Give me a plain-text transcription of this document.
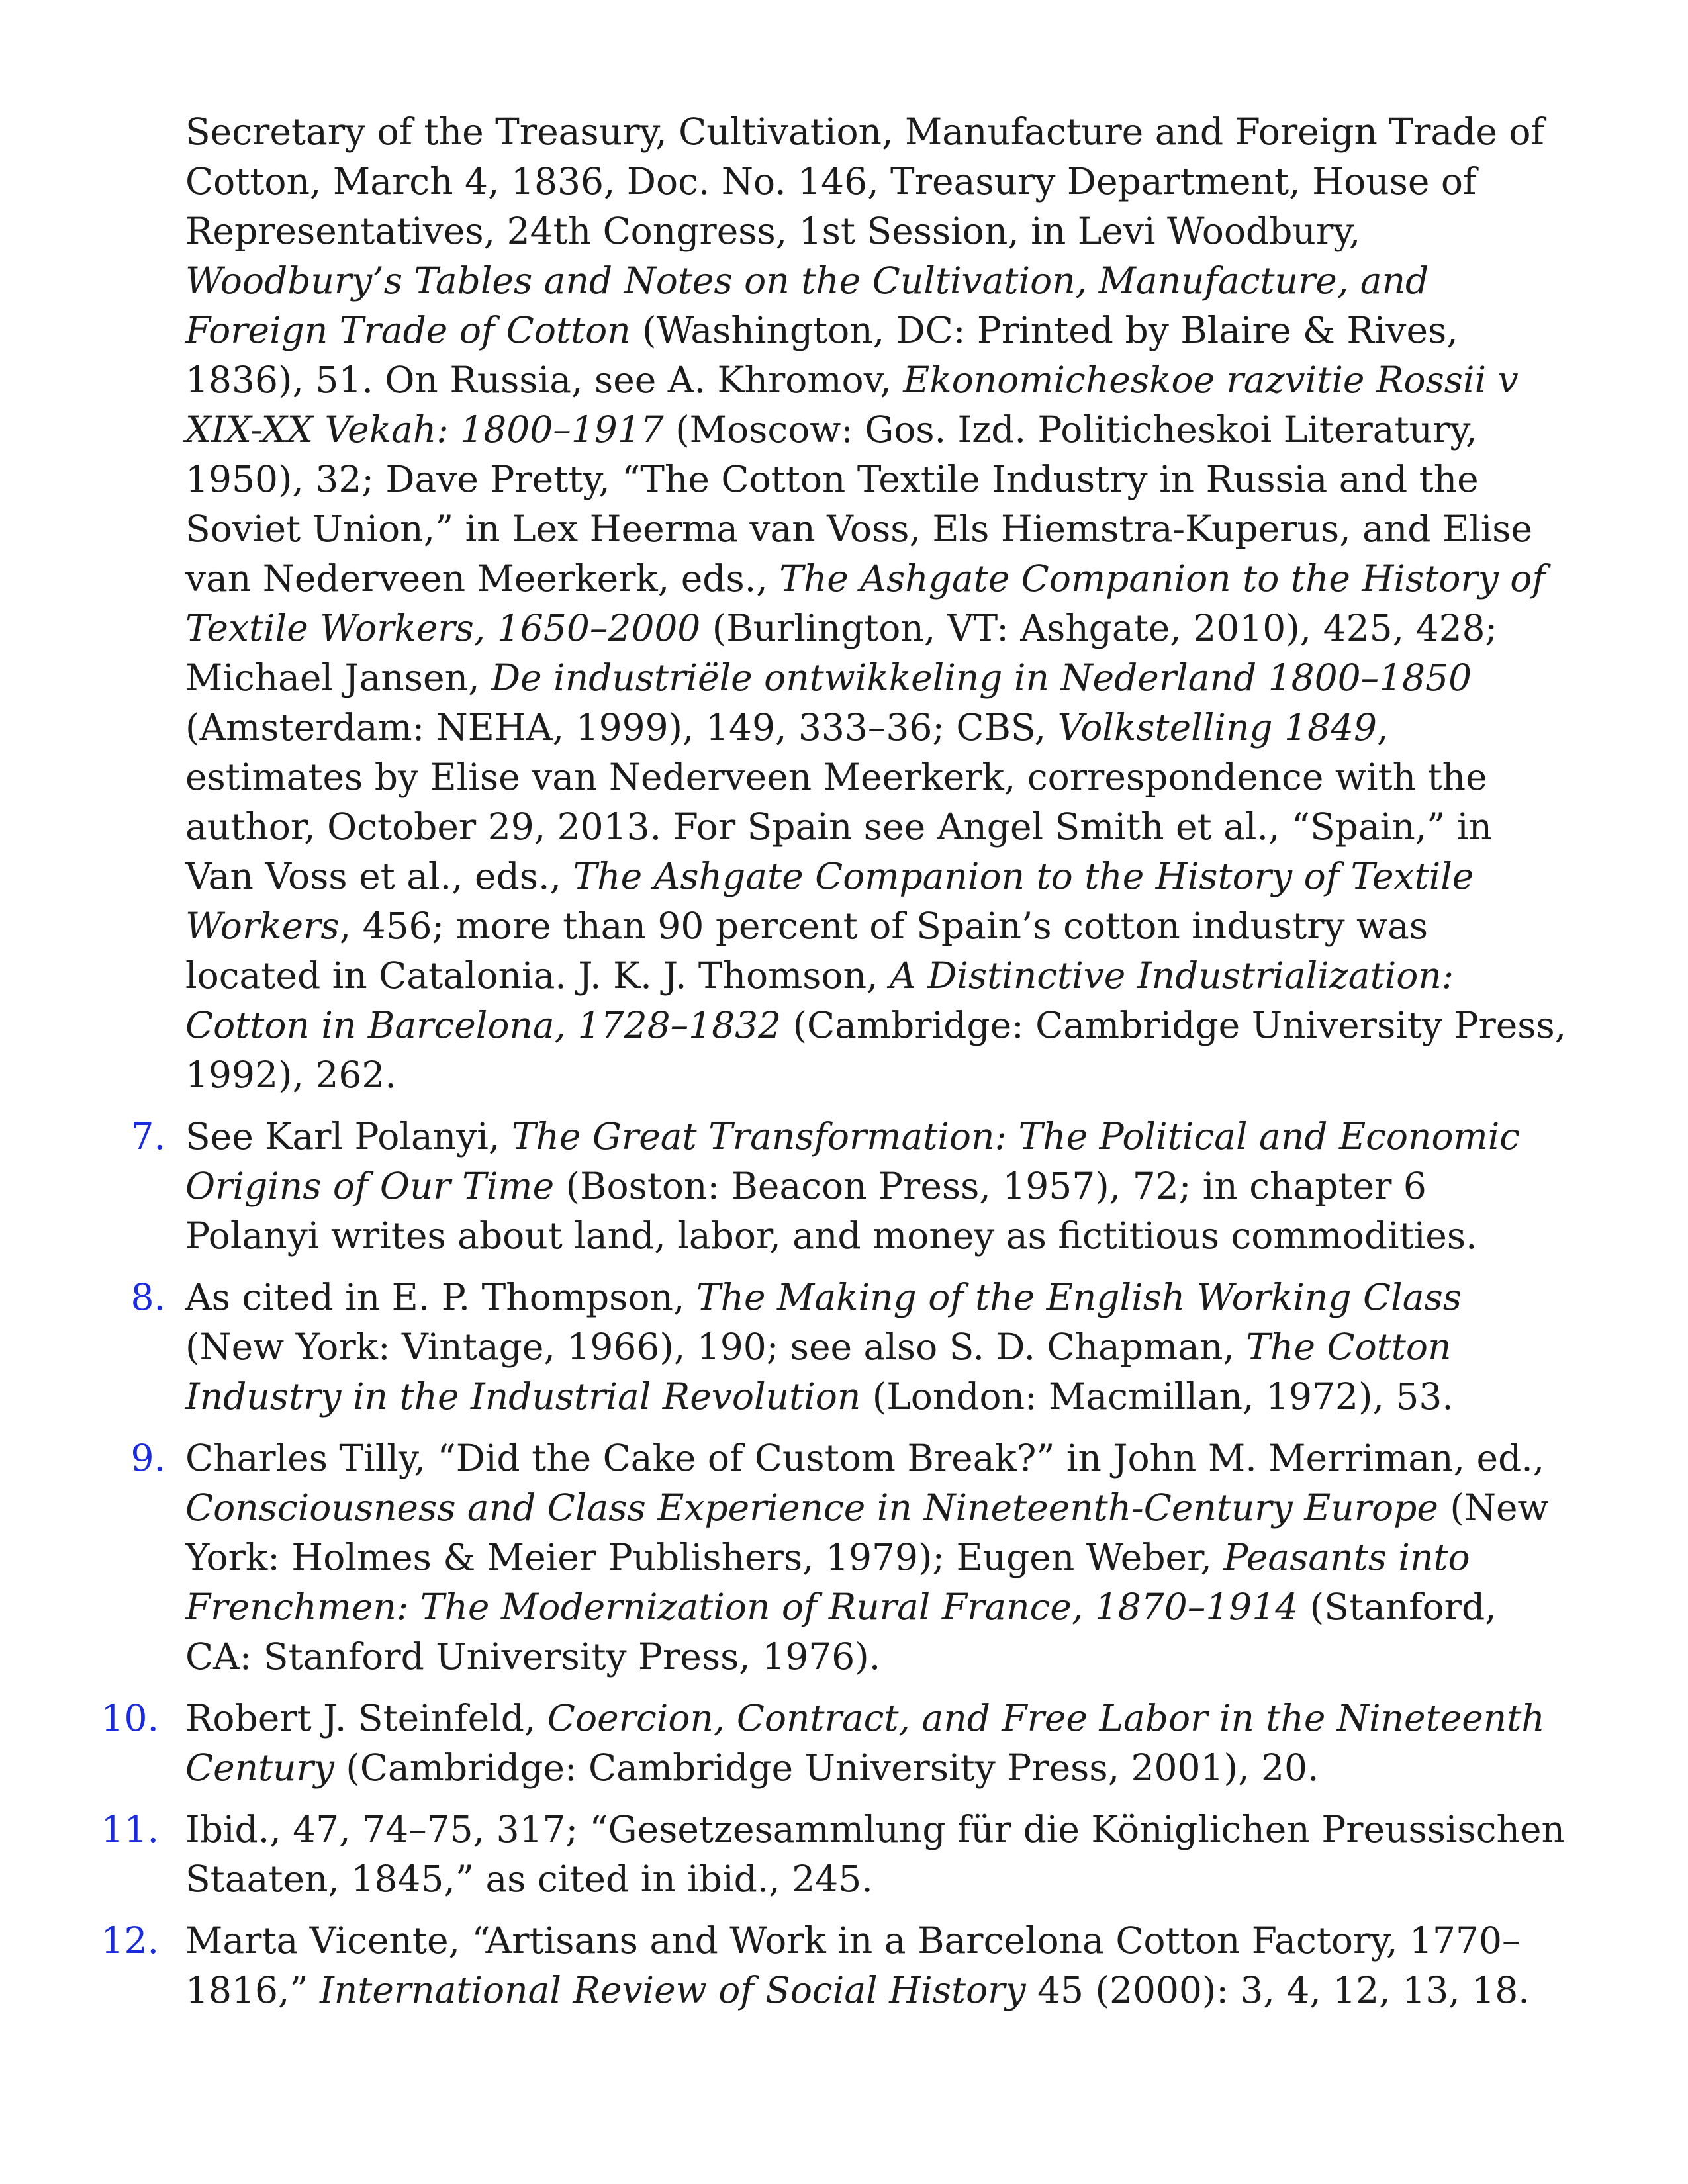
Secretary of the Treasury, Cultivation, Manufacture and Foreign Trade of Cotton, March 4, 1836, Doc. No. 146, Treasury Department, House of Representatives, 24th Congress, 1st Session, in Levi Woodbury, Woodbury’s Tables and Notes on the Cultivation, Manufacture, and Foreign Trade of Cotton (Washington, DC: Printed by Blaire & Rives, 1836), 51. On Russia, see A. Khromov, Ekonomicheskoe razvitie Rossii v XIX-XX Vekah: 1800–1917 (Moscow: Gos. Izd. Politicheskoi Literatury, 1950), 32; Dave Pretty, “The Cotton Textile Industry in Russia and the Soviet Union,” in Lex Heerma van Voss, Els Hiemstra-Kuperus, and Elise van Nederveen Meerkerk, eds., The Ashgate Companion to the History of Textile Workers, 1650–2000 (Burlington, VT: Ashgate, 2010), 425, 428; Michael Jansen, De industriële ontwikkeling in Nederland 1800–1850 (Amsterdam: NEHA, 1999), 149, 333–36; CBS, Volkstelling 1849, estimates by Elise van Nederveen Meerkerk, correspondence with the author, October 29, 2013. For Spain see Angel Smith et al., “Spain,” in Van Voss et al., eds., The Ashgate Companion to the History of Textile Workers, 456; more than 90 percent of Spain’s cotton industry was located in Catalonia. J. K. J. Thomson, A Distinctive Industrialization: Cotton in Barcelona, 1728–1832 (Cambridge: Cambridge University Press, 1992), 262.

7. See Karl Polanyi, The Great Transformation: The Political and Economic Origins of Our Time (Boston: Beacon Press, 1957), 72; in chapter 6 Polanyi writes about land, labor, and money as fictitious commodities.

8. As cited in E. P. Thompson, The Making of the English Working Class (New York: Vintage, 1966), 190; see also S. D. Chapman, The Cotton Industry in the Industrial Revolution (London: Macmillan, 1972), 53.

9. Charles Tilly, “Did the Cake of Custom Break?” in John M. Merriman, ed., Consciousness and Class Experience in Nineteenth-Century Europe (New York: Holmes & Meier Publishers, 1979); Eugen Weber, Peasants into Frenchmen: The Modernization of Rural France, 1870–1914 (Stanford, CA: Stanford University Press, 1976).

10. Robert J. Steinfeld, Coercion, Contract, and Free Labor in the Nineteenth Century (Cambridge: Cambridge University Press, 2001), 20.

11. Ibid., 47, 74–75, 317; “Gesetzesammlung für die Königlichen Preussischen Staaten, 1845,” as cited in ibid., 245.

12. Marta Vicente, “Artisans and Work in a Barcelona Cotton Factory, 1770–1816,” International Review of Social History 45 (2000): 3, 4, 12, 13, 18.
